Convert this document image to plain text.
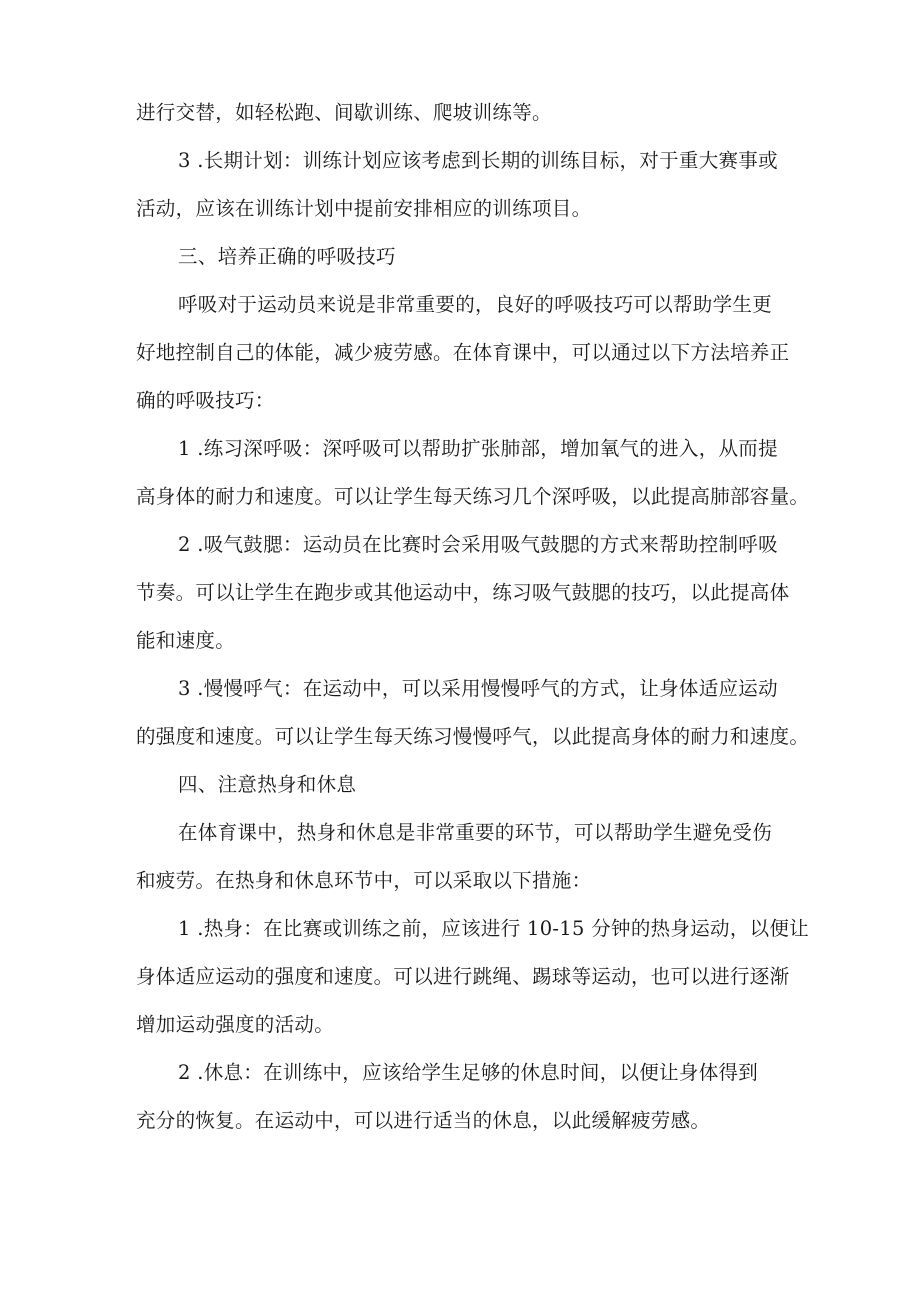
进行交替，如轻松跑、间歇训练、爬坡训练等。
3 .长期计划：训练计划应该考虑到长期的训练目标，对于重大赛事或
活动，应该在训练计划中提前安排相应的训练项目。
三、培养正确的呼吸技巧
呼吸对于运动员来说是非常重要的，良好的呼吸技巧可以帮助学生更
好地控制自己的体能，减少疲劳感。在体育课中，可以通过以下方法培养正
确的呼吸技巧：
1 .练习深呼吸：深呼吸可以帮助扩张肺部，增加氧气的进入，从而提
高身体的耐力和速度。可以让学生每天练习几个深呼吸，以此提高肺部容量。
2 .吸气鼓腮：运动员在比赛时会采用吸气鼓腮的方式来帮助控制呼吸
节奏。可以让学生在跑步或其他运动中，练习吸气鼓腮的技巧，以此提高体
能和速度。
3 .慢慢呼气：在运动中，可以采用慢慢呼气的方式，让身体适应运动
的强度和速度。可以让学生每天练习慢慢呼气，以此提高身体的耐力和速度。
四、注意热身和休息
在体育课中，热身和休息是非常重要的环节，可以帮助学生避免受伤
和疲劳。在热身和休息环节中，可以采取以下措施：
1 .热身：在比赛或训练之前，应该进行 10-15 分钟的热身运动，以便让
身体适应运动的强度和速度。可以进行跳绳、踢球等运动，也可以进行逐渐
增加运动强度的活动。
2 .休息：在训练中，应该给学生足够的休息时间，以便让身体得到
充分的恢复。在运动中，可以进行适当的休息，以此缓解疲劳感。
